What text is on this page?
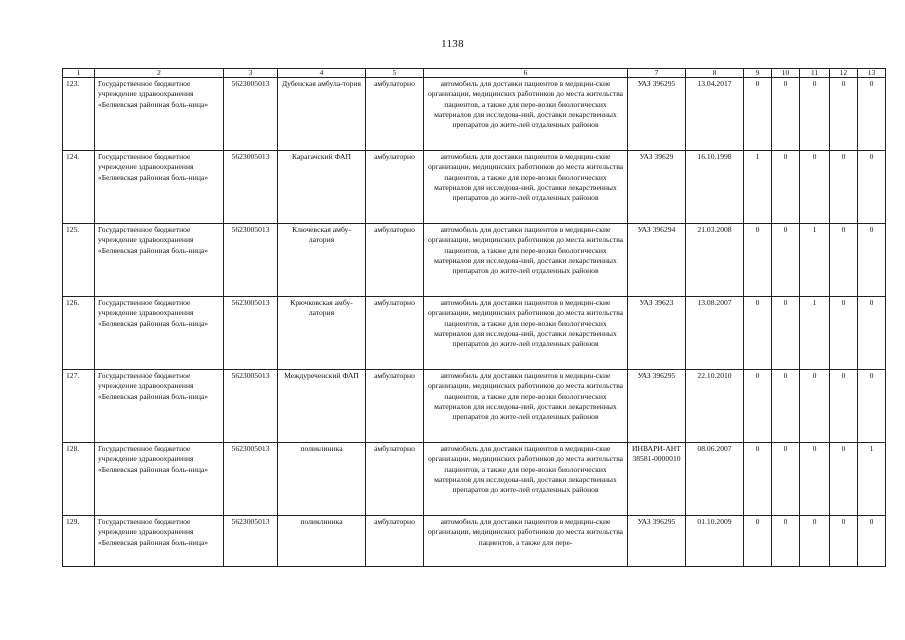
1138
1	2	3	4	5	6	7	8	9	10	11	12	13
123.	Государственное бюджетное учреждение здравоохранения «Беляевская районная боль-ница»	5623005013	Дубенская амбула-тория	амбулаторно	автомобиль для доставки пациентов в медицин-ские организации, медицинских работников до места жительства пациентов, а также для пере-возки биологических материалов для исследова-ний, доставки лекарственных препаратов до жите-лей отдаленных районов	УАЗ 396295	13.04.2017	0	0	0	0	0
124.	Государственное бюджетное учреждение здравоохранения «Беляевская районная боль-ница»	5623005013	Карагачский ФАП	амбулаторно	автомобиль для доставки пациентов в медицин-ские организации, медицинских работников до места жительства пациентов, а также для пере-возки биологических материалов для исследова-ний, доставки лекарственных препаратов до жите-лей отдаленных районов	УАЗ 39629	16.10.1998	1	0	0	0	0
125.	Государственное бюджетное учреждение здравоохранения «Беляевская районная боль-ница»	5623005013	Ключевская амбу-латория	амбулаторно	автомобиль для доставки пациентов в медицин-ские организации, медицинских работников до места жительства пациентов, а также для пере-возки биологических материалов для исследова-ний, доставки лекарственных препаратов до жите-лей отдаленных районов	УАЗ 396294	21.03.2008	0	0	1	0	0
126.	Государственное бюджетное учреждение здравоохранения «Беляевская районная боль-ница»	5623005013	Крючковская амбу-латория	амбулаторно	автомобиль для доставки пациентов в медицин-ские организации, медицинских работников до места жительства пациентов, а также для пере-возки биологических материалов для исследова-ний, доставки лекарственных препаратов до жите-лей отдаленных районов	УАЗ 39623	13.08.2007	0	0	1	0	0
127.	Государственное бюджетное учреждение здравоохранения «Беляевская районная боль-ница»	5623005013	Междуреченский ФАП	амбулаторно	автомобиль для доставки пациентов в медицин-ские организации, медицинских работников до места жительства пациентов, а также для пере-возки биологических материалов для исследова-ний, доставки лекарственных препаратов до жите-лей отдаленных районов	УАЗ 396295	22.10.2010	0	0	0	0	0
128.	Государственное бюджетное учреждение здравоохранения «Беляевская районная боль-ница»	5623005013	поликлиника	амбулаторно	автомобиль для доставки пациентов в медицин-ские организации, медицинских работников до места жительства пациентов, а также для пере-возки биологических материалов для исследова-ний, доставки лекарственных препаратов до жите-лей отдаленных районов	ИНВАРИ-АНТ 38581-0000010	08.06.2007	0	0	0	0	1
129.	Государственное бюджетное учреждение здравоохранения «Беляевская районная боль-ница»	5623005013	поликлиника	амбулаторно	автомобиль для доставки пациентов в медицин-ские организации, медицинских работников до места жительства пациентов, а также для пере-	УАЗ 396295	01.10.2009	0	0	0	0	0
